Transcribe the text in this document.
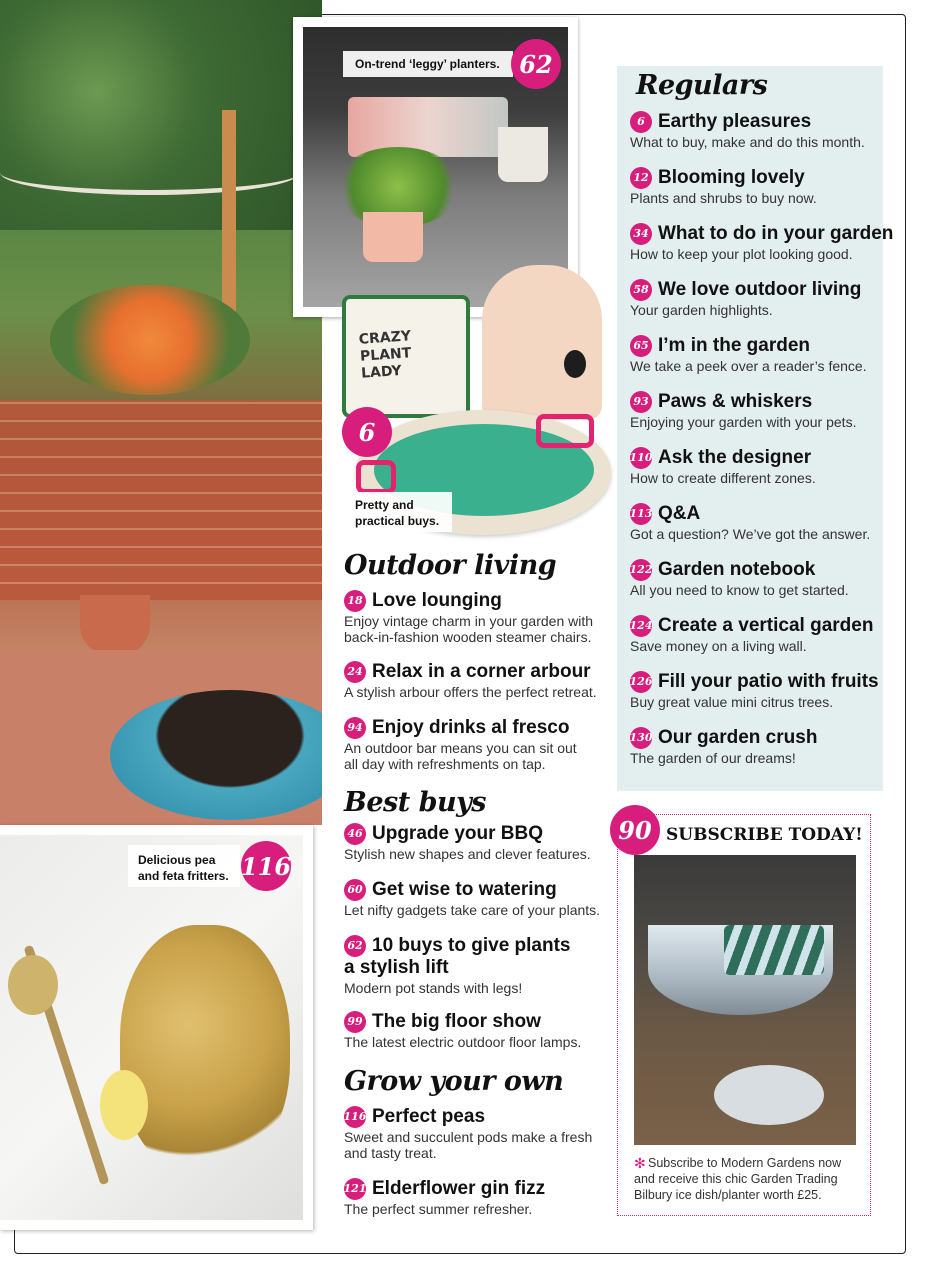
On-trend ‘leggy’ planters. 62
CRAZY PLANT LADY
6
Pretty and
practical buys.
Delicious pea
and feta fritters. 116
Regulars
6 Earthy pleasures
What to buy, make and do this month.
12 Blooming lovely
Plants and shrubs to buy now.
34 What to do in your garden
How to keep your plot looking good.
58 We love outdoor living
Your garden highlights.
65 I’m in the garden
We take a peek over a reader’s fence.
93 Paws & whiskers
Enjoying your garden with your pets.
110 Ask the designer
How to create different zones.
113 Q&A
Got a question? We’ve got the answer.
122 Garden notebook
All you need to know to get started.
124 Create a vertical garden
Save money on a living wall.
126 Fill your patio with fruits
Buy great value mini citrus trees.
130 Our garden crush
The garden of our dreams!
Outdoor living
18 Love lounging
Enjoy vintage charm in your garden with
back-in-fashion wooden steamer chairs.
24 Relax in a corner arbour
A stylish arbour offers the perfect retreat.
94 Enjoy drinks al fresco
An outdoor bar means you can sit out
all day with refreshments on tap.
Best buys
46 Upgrade your BBQ
Stylish new shapes and clever features.
60 Get wise to watering
Let nifty gadgets take care of your plants.
62 10 buys to give plants
a stylish lift
Modern pot stands with legs!
99 The big floor show
The latest electric outdoor floor lamps.
Grow your own
116 Perfect peas
Sweet and succulent pods make a fresh
and tasty treat.
121 Elderflower gin fizz
The perfect summer refresher.
90 SUBSCRIBE TODAY!
✻ Subscribe to Modern Gardens now
and receive this chic Garden Trading
Bilbury ice dish/planter worth £25.
